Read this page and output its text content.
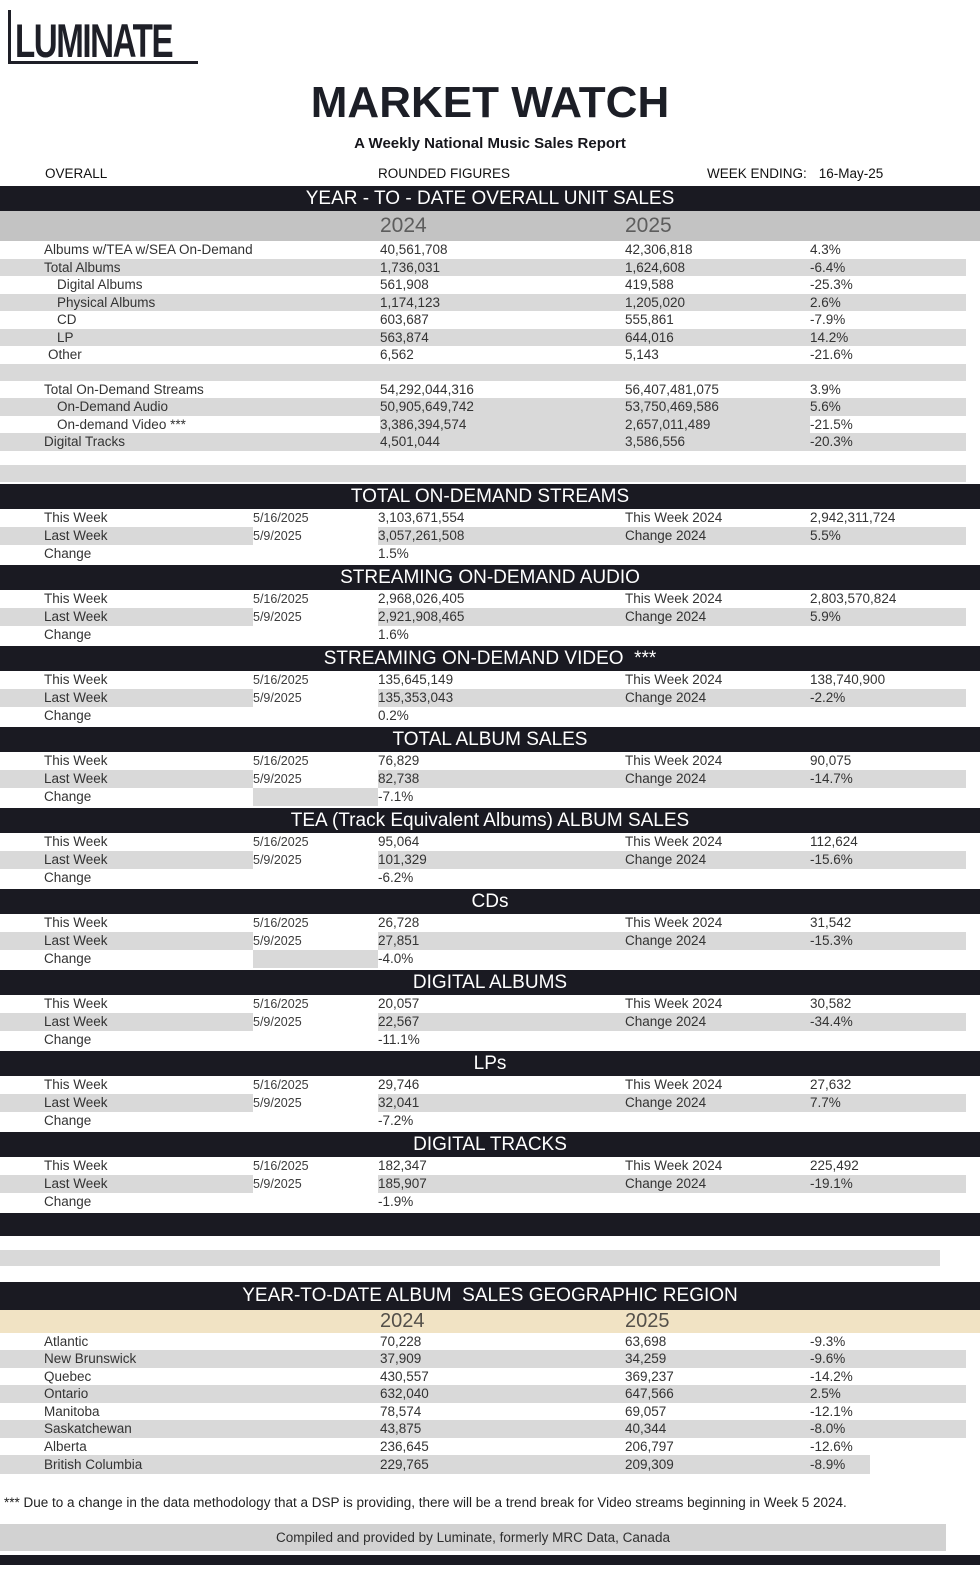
LUMINATE
MARKET WATCH
A Weekly National Music Sales Report
OVERALL	ROUNDED FIGURES	WEEK ENDING: 16-May-25
YEAR - TO - DATE OVERALL UNIT SALES
2024	2025
Albums w/TEA w/SEA On-Demand	40,561,708	42,306,818	4.3%
Total Albums	1,736,031	1,624,608	-6.4%
Digital Albums	561,908	419,588	-25.3%
Physical Albums	1,174,123	1,205,020	2.6%
CD	603,687	555,861	-7.9%
LP	563,874	644,016	14.2%
Other	6,562	5,143	-21.6%
Total On-Demand Streams	54,292,044,316	56,407,481,075	3.9%
On-Demand Audio	50,905,649,742	53,750,469,586	5.6%
On-demand Video ***	3,386,394,574	2,657,011,489	-21.5%
Digital Tracks	4,501,044	3,586,556	-20.3%
TOTAL ON-DEMAND STREAMS
This Week	5/16/2025	3,103,671,554	This Week 2024	2,942,311,724
Last Week	5/9/2025	3,057,261,508	Change 2024	5.5%
Change	1.5%
STREAMING ON-DEMAND AUDIO
This Week	5/16/2025	2,968,026,405	This Week 2024	2,803,570,824
Last Week	5/9/2025	2,921,908,465	Change 2024	5.9%
Change	1.6%
STREAMING ON-DEMAND VIDEO  ***
This Week	5/16/2025	135,645,149	This Week 2024	138,740,900
Last Week	5/9/2025	135,353,043	Change 2024	-2.2%
Change	0.2%
TOTAL ALBUM SALES
This Week	5/16/2025	76,829	This Week 2024	90,075
Last Week	5/9/2025	82,738	Change 2024	-14.7%
Change	-7.1%
TEA (Track Equivalent Albums) ALBUM SALES
This Week	5/16/2025	95,064	This Week 2024	112,624
Last Week	5/9/2025	101,329	Change 2024	-15.6%
Change	-6.2%
CDs
This Week	5/16/2025	26,728	This Week 2024	31,542
Last Week	5/9/2025	27,851	Change 2024	-15.3%
Change	-4.0%
DIGITAL ALBUMS
This Week	5/16/2025	20,057	This Week 2024	30,582
Last Week	5/9/2025	22,567	Change 2024	-34.4%
Change	-11.1%
LPs
This Week	5/16/2025	29,746	This Week 2024	27,632
Last Week	5/9/2025	32,041	Change 2024	7.7%
Change	-7.2%
DIGITAL TRACKS
This Week	5/16/2025	182,347	This Week 2024	225,492
Last Week	5/9/2025	185,907	Change 2024	-19.1%
Change	-1.9%
YEAR-TO-DATE ALBUM  SALES GEOGRAPHIC REGION
2024	2025
Atlantic	70,228	63,698	-9.3%
New Brunswick	37,909	34,259	-9.6%
Quebec	430,557	369,237	-14.2%
Ontario	632,040	647,566	2.5%
Manitoba	78,574	69,057	-12.1%
Saskatchewan	43,875	40,344	-8.0%
Alberta	236,645	206,797	-12.6%
British Columbia	229,765	209,309	-8.9%
*** Due to a change in the data methodology that a DSP is providing, there will be a trend break for Video streams beginning in Week 5 2024.
Compiled and provided by Luminate, formerly MRC Data, Canada
